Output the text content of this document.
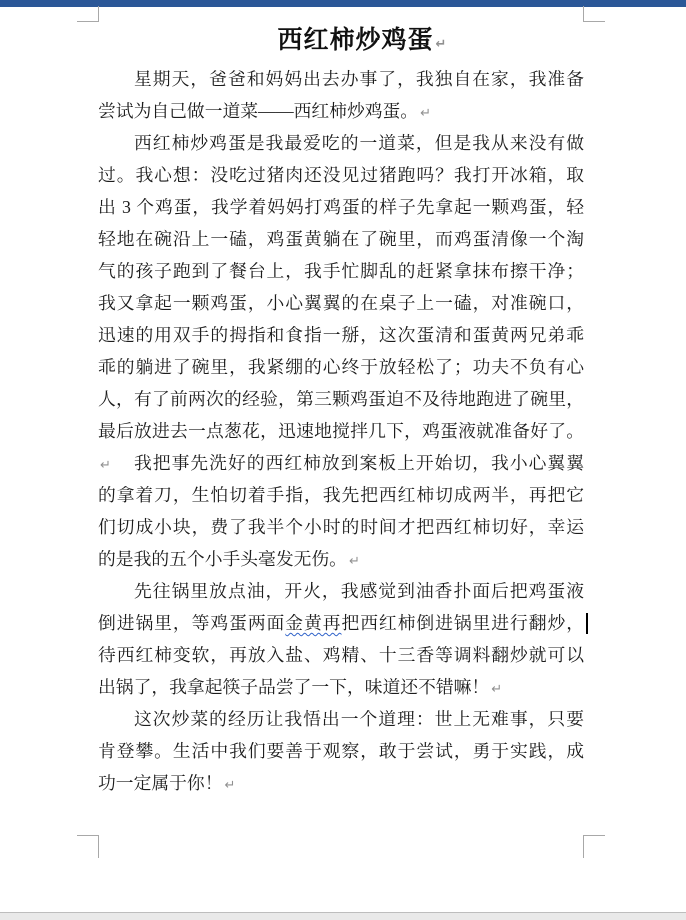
西红柿炒鸡蛋 ↵
星期天，爸爸和妈妈出去办事了，我独自在家，我准备
尝试为自己做一道菜——西红柿炒鸡蛋。 ↵
西红柿炒鸡蛋是我最爱吃的一道菜，但是我从来没有做
过。我心想：没吃过猪肉还没见过猪跑吗？我打开冰箱，取
出 3 个鸡蛋，我学着妈妈打鸡蛋的样子先拿起一颗鸡蛋，轻
轻地在碗沿上一磕，鸡蛋黄躺在了碗里，而鸡蛋清像一个淘
气的孩子跑到了餐台上，我手忙脚乱的赶紧拿抹布擦干净；
我又拿起一颗鸡蛋，小心翼翼的在桌子上一磕，对准碗口，
迅速的用双手的拇指和食指一掰，这次蛋清和蛋黄两兄弟乖
乖的躺进了碗里，我紧绷的心终于放轻松了；功夫不负有心
人，有了前两次的经验，第三颗鸡蛋迫不及待地跑进了碗里，
最后放进去一点葱花，迅速地搅拌几下，鸡蛋液就准备好了。↵	我把事先洗好的西红柿放到案板上开始切，我小心翼翼
的拿着刀，生怕切着手指，我先把西红柿切成两半，再把它
们切成小块，费了我半个小时的时间才把西红柿切好，幸运
的是我的五个小手头毫发无伤。 ↵
先往锅里放点油，开火，我感觉到油香扑面后把鸡蛋液
倒进锅里，等鸡蛋两面金黄再把西红柿倒进锅里进行翻炒，
待西红柿变软，再放入盐、鸡精、十三香等调料翻炒就可以
出锅了，我拿起筷子品尝了一下，味道还不错嘛！ ↵
这次炒菜的经历让我悟出一个道理：世上无难事，只要
肯登攀。生活中我们要善于观察，敢于尝试，勇于实践，成
功一定属于你！ ↵
